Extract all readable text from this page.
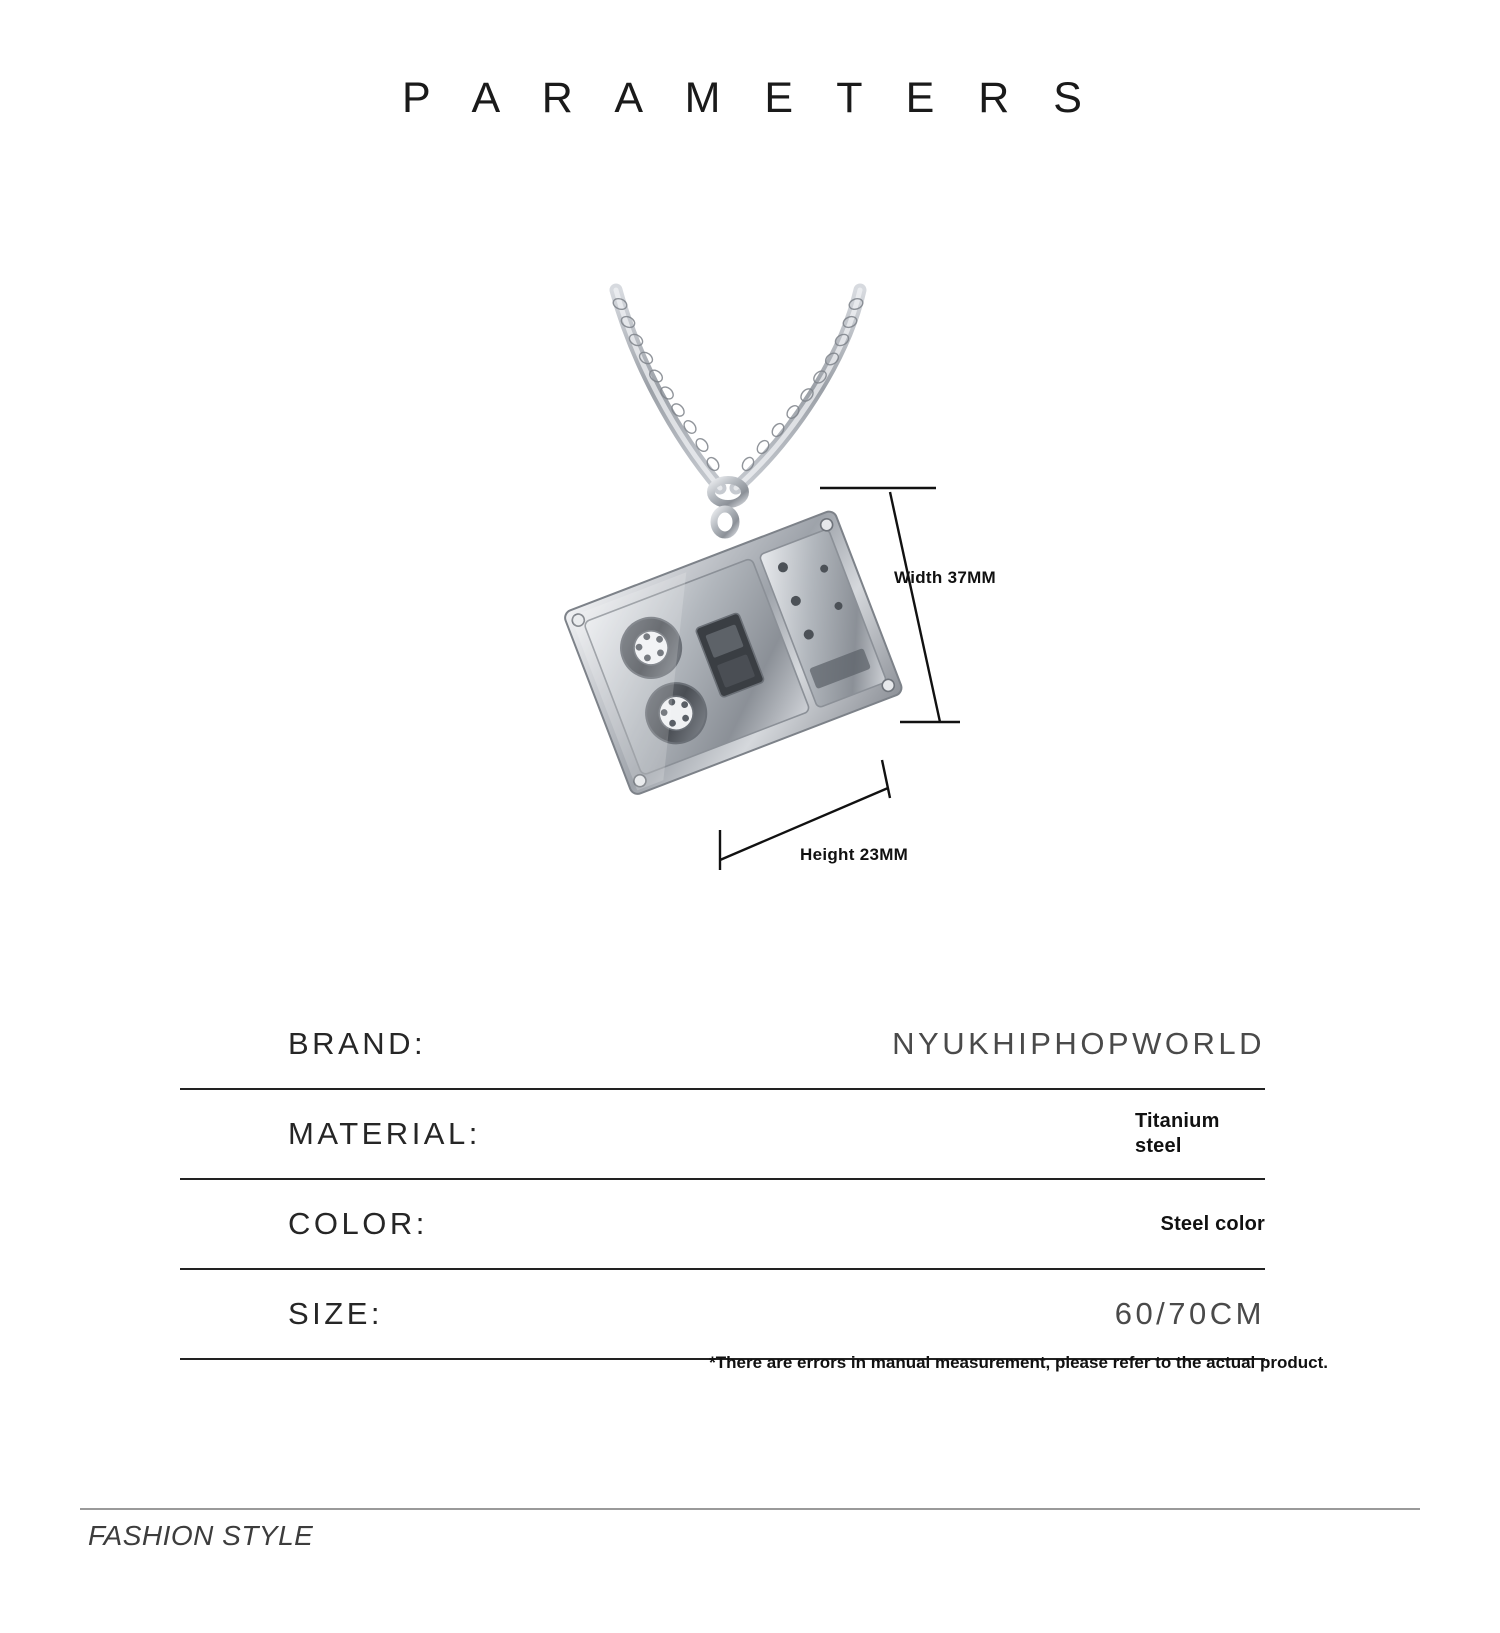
P A R A M E T E R S
Width 37MM
Height 23MM
BRAND:	NYUKHIPHOPWORLD
MATERIAL:	Titanium steel
COLOR:	Steel color
SIZE:	60/70CM
*There are errors in manual measurement, please refer to the actual product.
FASHION STYLE
